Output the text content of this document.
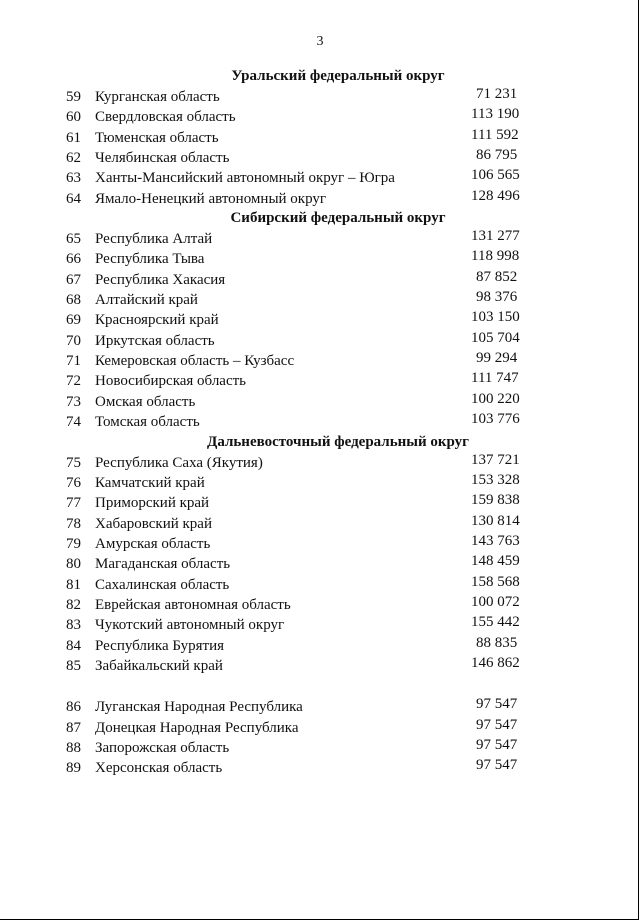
3
Уральский федеральный округ
59 Курганская область	71 231
60 Свердловская область	113 190
61 Тюменская область	111 592
62 Челябинская область	86 795
63 Ханты-Мансийский автономный округ – Югра	106 565
64 Ямало-Ненецкий автономный округ	128 496
Сибирский федеральный округ
65 Республика Алтай	131 277
66 Республика Тыва	118 998
67 Республика Хакасия	87 852
68 Алтайский край	98 376
69 Красноярский край	103 150
70 Иркутская область	105 704
71 Кемеровская область – Кузбасс	99 294
72 Новосибирская область	111 747
73 Омская область	100 220
74 Томская область	103 776
Дальневосточный федеральный округ
75 Республика Саха (Якутия)	137 721
76 Камчатский край	153 328
77 Приморский край	159 838
78 Хабаровский край	130 814
79 Амурская область	143 763
80 Магаданская область	148 459
81 Сахалинская область	158 568
82 Еврейская автономная область	100 072
83 Чукотский автономный округ	155 442
84 Республика Бурятия	88 835
85 Забайкальский край	146 862
86 Луганская Народная Республика	97 547
87 Донецкая Народная Республика	97 547
88 Запорожская область	97 547
89 Херсонская область	97 547
